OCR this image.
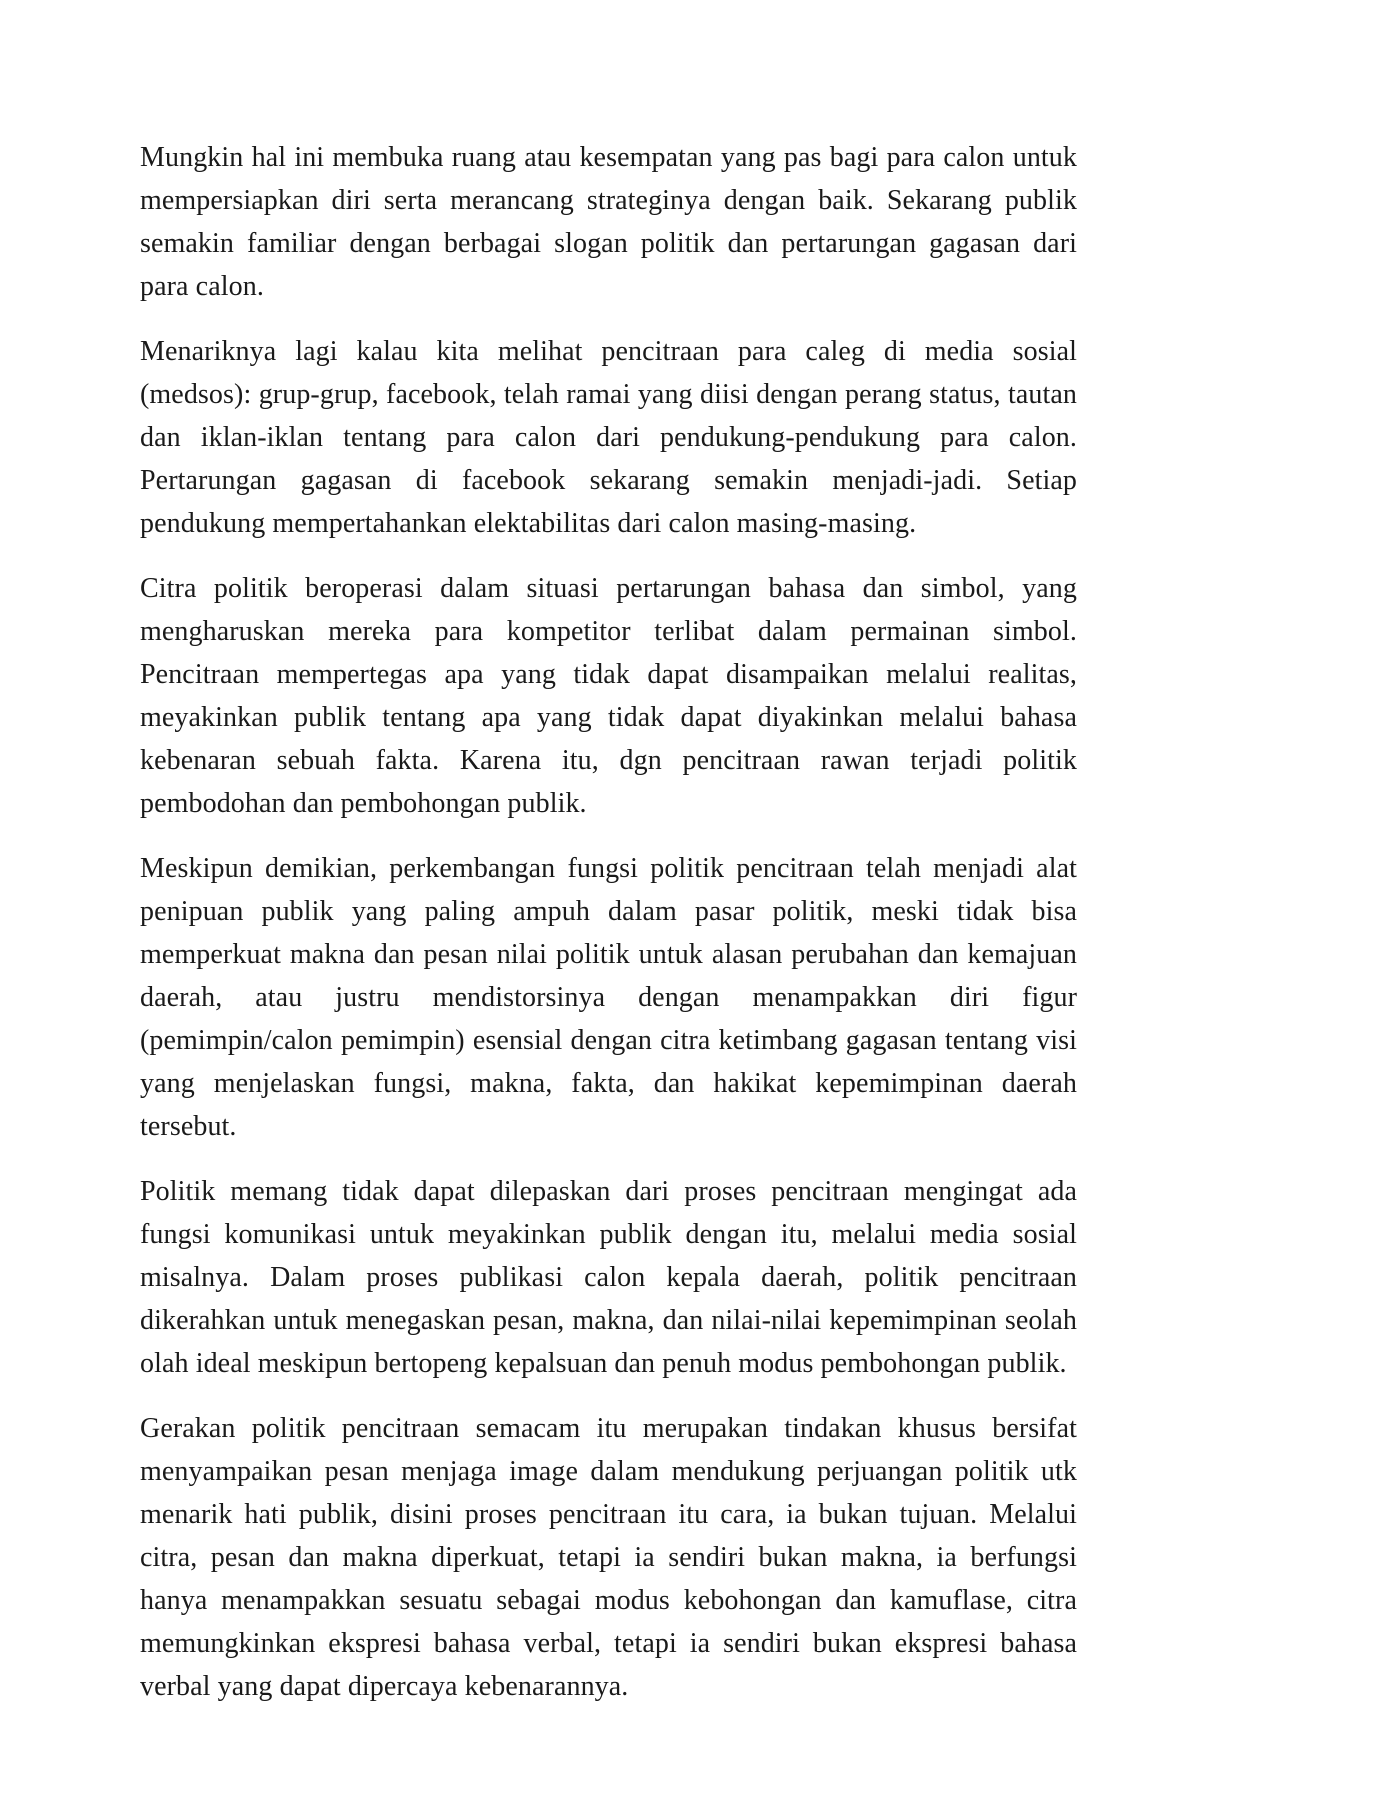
Mungkin hal ini membuka ruang atau kesempatan yang pas bagi para calon untuk mempersiapkan diri serta merancang strateginya dengan baik. Sekarang publik semakin familiar dengan berbagai slogan politik dan pertarungan gagasan dari para calon.

Menariknya lagi kalau kita melihat pencitraan para caleg di media sosial (medsos): grup-grup, facebook, telah ramai yang diisi dengan perang status, tautan dan iklan-iklan tentang para calon dari pendukung-pendukung para calon. Pertarungan gagasan di facebook sekarang semakin menjadi-jadi. Setiap pendukung mempertahankan elektabilitas dari calon masing-masing.

Citra politik beroperasi dalam situasi pertarungan bahasa dan simbol, yang mengharuskan mereka para kompetitor terlibat dalam permainan simbol. Pencitraan mempertegas apa yang tidak dapat disampaikan melalui realitas, meyakinkan publik tentang apa yang tidak dapat diyakinkan melalui bahasa kebenaran sebuah fakta. Karena itu, dgn pencitraan rawan terjadi politik pembodohan dan pembohongan publik.

Meskipun demikian, perkembangan fungsi politik pencitraan telah menjadi alat penipuan publik yang paling ampuh dalam pasar politik, meski tidak bisa memperkuat makna dan pesan nilai politik untuk alasan perubahan dan kemajuan daerah, atau justru mendistorsinya dengan menampakkan diri figur (pemimpin/calon pemimpin) esensial dengan citra ketimbang gagasan tentang visi yang menjelaskan fungsi, makna, fakta, dan hakikat kepemimpinan daerah tersebut.

Politik memang tidak dapat dilepaskan dari proses pencitraan mengingat ada fungsi komunikasi untuk meyakinkan publik dengan itu, melalui media sosial misalnya. Dalam proses publikasi calon kepala daerah, politik pencitraan dikerahkan untuk menegaskan pesan, makna, dan nilai-nilai kepemimpinan seolah olah ideal meskipun bertopeng kepalsuan dan penuh modus pembohongan publik.

Gerakan politik pencitraan semacam itu merupakan tindakan khusus bersifat menyampaikan pesan menjaga image dalam mendukung perjuangan politik utk menarik hati publik, disini proses pencitraan itu cara, ia bukan tujuan. Melalui citra, pesan dan makna diperkuat, tetapi ia sendiri bukan makna, ia berfungsi hanya menampakkan sesuatu sebagai modus kebohongan dan kamuflase, citra memungkinkan ekspresi bahasa verbal, tetapi ia sendiri bukan ekspresi bahasa verbal yang dapat dipercaya kebenarannya.
